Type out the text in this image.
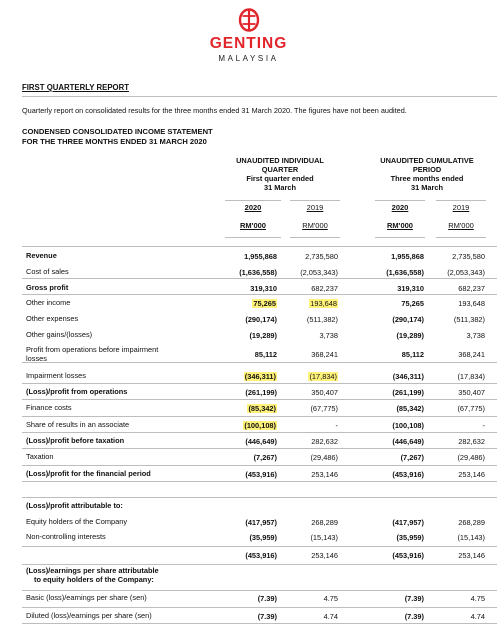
GENTING
MALAYSIA
FIRST QUARTERLY REPORT
Quarterly report on consolidated results for the three months ended 31 March 2020. The figures have not been audited.
CONDENSED CONSOLIDATED INCOME STATEMENT
FOR THE THREE MONTHS ENDED 31 MARCH 2020
UNAUDITED INDIVIDUAL
QUARTER
First quarter ended
31 March
UNAUDITED CUMULATIVE
PERIOD
Three months ended
31 March
2020	2019	2020	2019
RM'000	RM'000	RM'000	RM'000
Revenue	1,955,868	2,735,580	1,955,868	2,735,580
Cost of sales	(1,636,558)	(2,053,343)	(1,636,558)	(2,053,343)
Gross profit	319,310	682,237	319,310	682,237
Other income	75,265	193,648	75,265	193,648
Other expenses	(290,174)	(511,382)	(290,174)	(511,382)
Other gains/(losses)	(19,289)	3,738	(19,289)	3,738
Profit from operations before impairment
losses	85,112	368,241	85,112	368,241
Impairment losses	(346,311)	(17,834)	(346,311)	(17,834)
(Loss)/profit from operations	(261,199)	350,407	(261,199)	350,407
Finance costs	(85,342)	(67,775)	(85,342)	(67,775)
Share of results in an associate	(100,108)	-	(100,108)	-
(Loss)/profit before taxation	(446,649)	282,632	(446,649)	282,632
Taxation	(7,267)	(29,486)	(7,267)	(29,486)
(Loss)/profit for the financial period	(453,916)	253,146	(453,916)	253,146
(Loss)/profit attributable to:
Equity holders of the Company	(417,957)	268,289	(417,957)	268,289
Non-controlling interests	(35,959)	(15,143)	(35,959)	(15,143)
(453,916)	253,146	(453,916)	253,146
(Loss)/earnings per share attributable
to equity holders of the Company:
Basic (loss)/earnings per share (sen)	(7.39)	4.75	(7.39)	4.75
Diluted (loss)/earnings per share (sen)	(7.39)	4.74	(7.39)	4.74
